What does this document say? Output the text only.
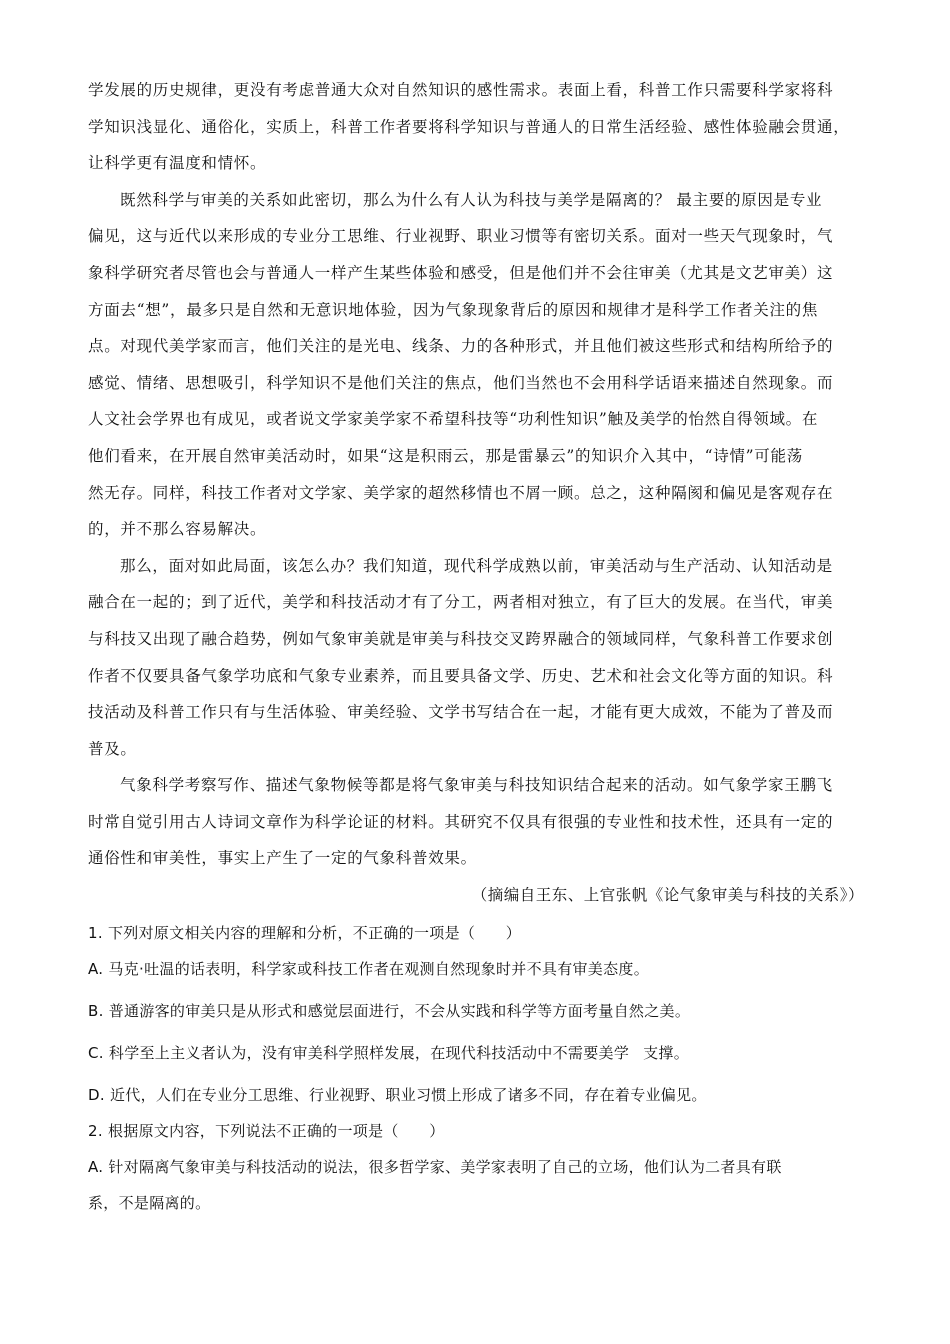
学发展的历史规律，更没有考虑普通大众对自然知识的感性需求。表面上看，科普工作只需要科学家将科
学知识浅显化、通俗化，实质上，科普工作者要将科学知识与普通人的日常生活经验、感性体验融会贯通，
让科学更有温度和情怀。

既然科学与审美的关系如此密切，那么为什么有人认为科技与美学是隔离的？ 最主要的原因是专业
偏见，这与近代以来形成的专业分工思维、行业视野、职业习惯等有密切关系。面对一些天气现象时，气
象科学研究者尽管也会与普通人一样产生某些体验和感受，但是他们并不会往审美（尤其是文艺审美）这
方面去“想”，最多只是自然和无意识地体验，因为气象现象背后的原因和规律才是科学工作者关注的焦
点。对现代美学家而言，他们关注的是光电、线条、力的各种形式，并且他们被这些形式和结构所给予的
感觉、情绪、思想吸引，科学知识不是他们关注的焦点，他们当然也不会用科学话语来描述自然现象。而
人文社会学界也有成见，或者说文学家美学家不希望科技等“功利性知识”触及美学的怡然自得领域。在
他们看来，在开展自然审美活动时，如果“这是积雨云，那是雷暴云”的知识介入其中，“诗情”可能荡
然无存。同样，科技工作者对文学家、美学家的超然移情也不屑一顾。总之，这种隔阂和偏见是客观存在
的，并不那么容易解决。

那么，面对如此局面，该怎么办？我们知道，现代科学成熟以前，审美活动与生产活动、认知活动是
融合在一起的；到了近代，美学和科技活动才有了分工，两者相对独立，有了巨大的发展。在当代，审美
与科技又出现了融合趋势，例如气象审美就是审美与科技交叉跨界融合的领域同样，气象科普工作要求创
作者不仅要具备气象学功底和气象专业素养，而且要具备文学、历史、艺术和社会文化等方面的知识。科
技活动及科普工作只有与生活体验、审美经验、文学书写结合在一起，才能有更大成效，不能为了普及而
普及。

气象科学考察写作、描述气象物候等都是将气象审美与科技知识结合起来的活动。如气象学家王鹏飞
时常自觉引用古人诗词文章作为科学论证的材料。其研究不仅具有很强的专业性和技术性，还具有一定的
通俗性和审美性，事实上产生了一定的气象科普效果。

（摘编自王东、上官张帆《论气象审美与科技的关系》）

1. 下列对原文相关内容的理解和分析，不正确的一项是（　　）

A. 马克·吐温的话表明，科学家或科技工作者在观测自然现象时并不具有审美态度。

B. 普通游客的审美只是从形式和感觉层面进行，不会从实践和科学等方面考量自然之美。

C. 科学至上主义者认为，没有审美科学照样发展，在现代科技活动中不需要美学 支撑。

D. 近代，人们在专业分工思维、行业视野、职业习惯上形成了诸多不同，存在着专业偏见。

2. 根据原文内容，下列说法不正确的一项是（　　）

A. 针对隔离气象审美与科技活动的说法，很多哲学家、美学家表明了自己的立场，他们认为二者具有联

系，不是隔离的。
